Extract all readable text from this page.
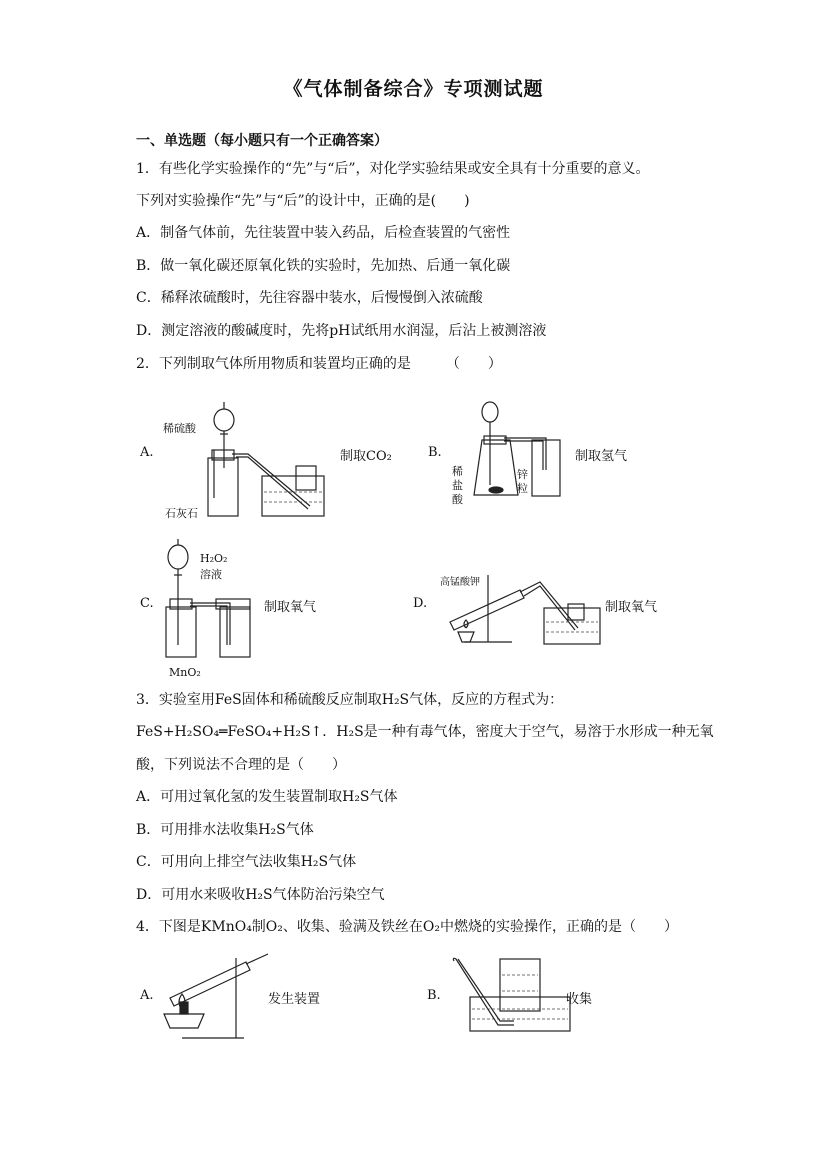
《气体制备综合》专项测试题
一、单选题（每小题只有一个正确答案）
1．有些化学实验操作的“先”与“后”，对化学实验结果或安全具有十分重要的意义。
下列对实验操作“先”与“后”的设计中，正确的是(　　)
A．制备气体前，先往装置中装入药品，后检查装置的气密性
B．做一氧化碳还原氧化铁的实验时，先加热、后通一氧化碳
C．稀释浓硫酸时，先往容器中装水，后慢慢倒入浓硫酸
D．测定溶液的酸碱度时，先将pH试纸用水润湿，后沾上被测溶液
2．下列制取气体所用物质和装置均正确的是　　　（　　）
A.
稀硫酸
石灰石
制取CO₂	B.
稀盐酸
锌粒
制取氢气
C.
H₂O₂
溶液
MnO₂
制取氧气	D.
高锰酸钾
制取氧气
3．实验室用FeS固体和稀硫酸反应制取H₂S气体，反应的方程式为：
FeS+H₂SO₄═FeSO₄+H₂S↑．H₂S是一种有毒气体，密度大于空气，易溶于水形成一种无氧
酸，下列说法不合理的是（　　）
A．可用过氧化氢的发生装置制取H₂S气体
B．可用排水法收集H₂S气体
C．可用向上排空气法收集H₂S气体
D．可用水来吸收H₂S气体防治污染空气
4．下图是KMnO₄制O₂、收集、验满及铁丝在O₂中燃烧的实验操作，正确的是（　　）
A.	发生装置	B.	收集
